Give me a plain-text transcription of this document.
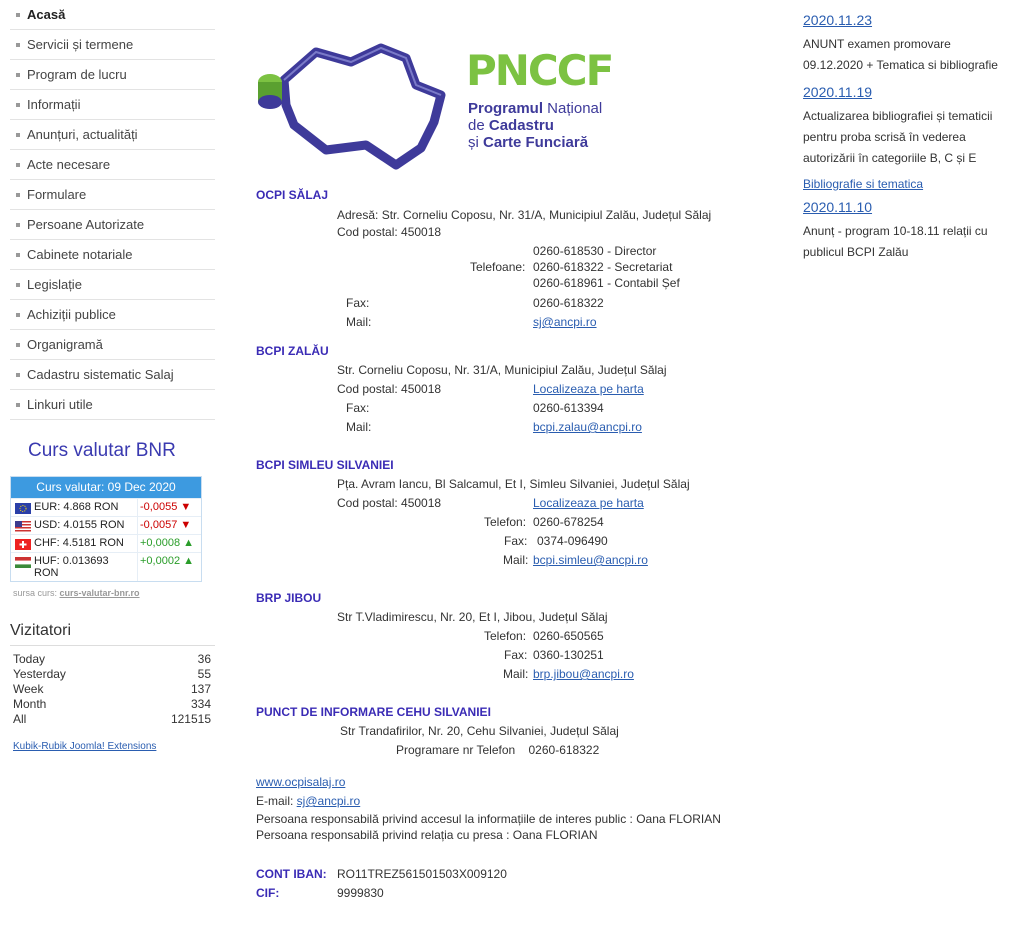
Acasă
Servicii și termene
Program de lucru
Informații
Anunțuri, actualități
Acte necesare
Formulare
Persoane Autorizate
Cabinete notariale
Legislație
Achiziții publice
Organigramă
Cadastru sistematic Salaj
Linkuri utile
Curs valutar BNR
Curs valutar: 09 Dec 2020
EUR: 4.868 RON -0,0055 ▼
USD: 4.0155 RON -0,0057 ▼
CHF: 4.5181 RON +0,0008 ▲
HUF: 0.013693 RON
+0,0002 ▲
sursa curs: curs-valutar-bnr.ro
Vizitatori
Today	36
Yesterday	55
Week	137
Month	334
All	121515
Kubik-Rubik Joomla! Extensions
PNCCF
Programul Național
de Cadastru
și Carte Funciară
OCPI SĂLAJ
Adresă: Str. Corneliu Coposu, Nr. 31/A, Municipiul Zalău, Județul Sălaj
Cod postal: 450018
0260-618530 - Director
Telefoane: 0260-618322 - Secretariat
0260-618961 - Contabil Șef
Fax:	0260-618322
Mail:	sj@ancpi.ro
BCPI ZALĂU
Str. Corneliu Coposu, Nr. 31/A, Municipiul Zalău, Județul Sălaj
Cod postal: 450018	Localizeaza pe harta
Fax:	0260-613394
Mail:	bcpi.zalau@ancpi.ro
BCPI SIMLEU SILVANIEI
Pța. Avram Iancu, Bl Salcamul, Et I, Simleu Silvaniei, Județul Sălaj
Cod postal: 450018	Localizeaza pe harta
Telefon: 0260-678254
Fax: 0374-096490
Mail: bcpi.simleu@ancpi.ro
BRP JIBOU
Str T.Vladimirescu, Nr. 20, Et I, Jibou, Județul Sălaj
Telefon: 0260-650565
Fax: 0360-130251
Mail: brp.jibou@ancpi.ro
PUNCT DE INFORMARE CEHU SILVANIEI
Str Trandafirilor, Nr. 20, Cehu Silvaniei, Județul Sălaj
Programare nr Telefon    0260-618322
www.ocpisalaj.ro
E-mail: sj@ancpi.ro
Persoana responsabilă privind accesul la informațiile de interes public : Oana FLORIAN
Persoana responsabilă privind relația cu presa : Oana FLORIAN
CONT IBAN: RO11TREZ561501503X009120
CIF:	9999830
2020.11.23

ANUNT examen promovare 09.12.2020 + Tematica si bibliografie

2020.11.19

Actualizarea bibliografiei și tematicii pentru proba scrisă în vederea autorizării în categoriile B, C și E

Bibliografie si tematica
2020.11.10

Anunț - program 10-18.11 relații cu publicul BCPI Zalău
